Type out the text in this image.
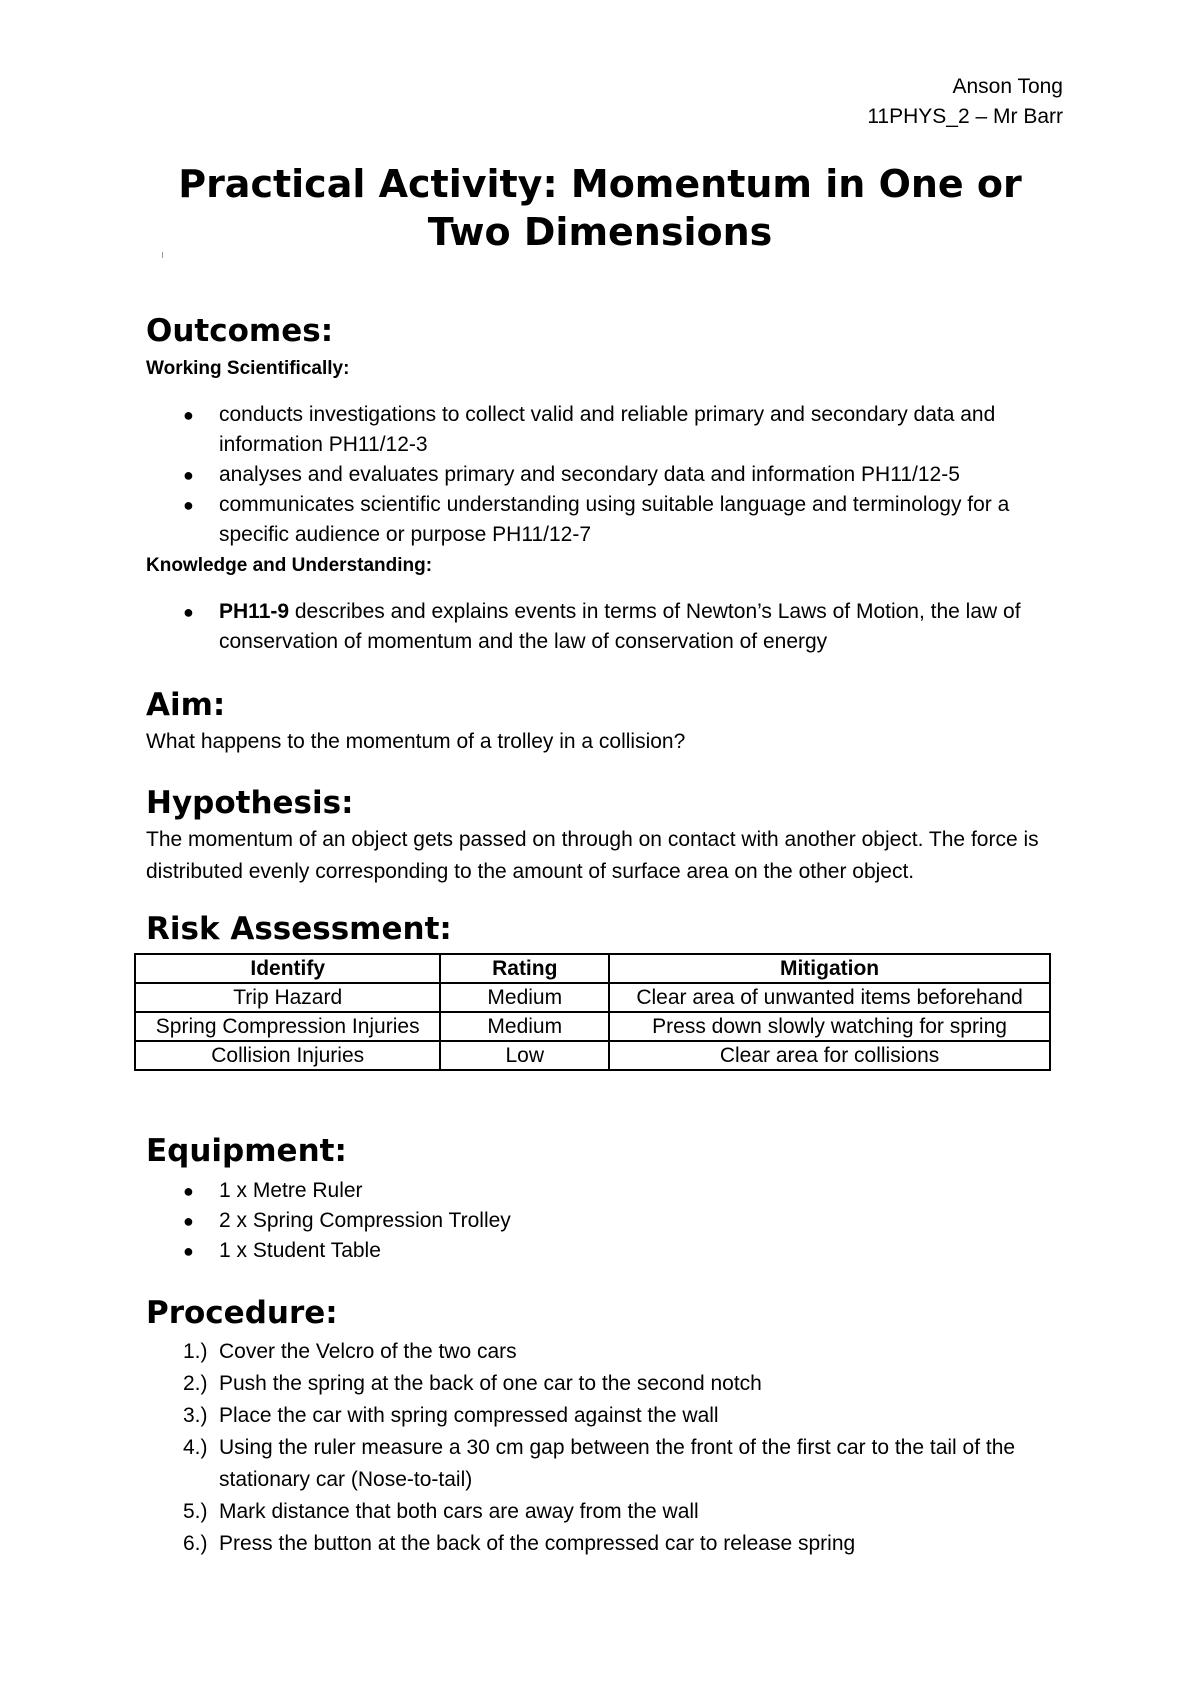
Anson Tong
11PHYS_2 – Mr Barr
Practical Activity: Momentum in One or
Two Dimensions
Outcomes:
Working Scientifically:
● conducts investigations to collect valid and reliable primary and secondary data and information PH11/12-3
● analyses and evaluates primary and secondary data and information PH11/12-5
● communicates scientific understanding using suitable language and terminology for a specific audience or purpose PH11/12-7
Knowledge and Understanding:
● PH11-9 describes and explains events in terms of Newton’s Laws of Motion, the law of conservation of momentum and the law of conservation of energy
Aim:
What happens to the momentum of a trolley in a collision?
Hypothesis:
The momentum of an object gets passed on through on contact with another object. The force is distributed evenly corresponding to the amount of surface area on the other object.
Risk Assessment:
Identify	Rating	Mitigation
Trip Hazard	Medium	Clear area of unwanted items beforehand
Spring Compression Injuries	Medium	Press down slowly watching for spring
Collision Injuries	Low	Clear area for collisions
Equipment:
● 1 x Metre Ruler
● 2 x Spring Compression Trolley
● 1 x Student Table
Procedure:
1.) Cover the Velcro of the two cars
2.) Push the spring at the back of one car to the second notch
3.) Place the car with spring compressed against the wall
4.) Using the ruler measure a 30 cm gap between the front of the first car to the tail of the stationary car (Nose-to-tail)
5.) Mark distance that both cars are away from the wall
6.) Press the button at the back of the compressed car to release spring
